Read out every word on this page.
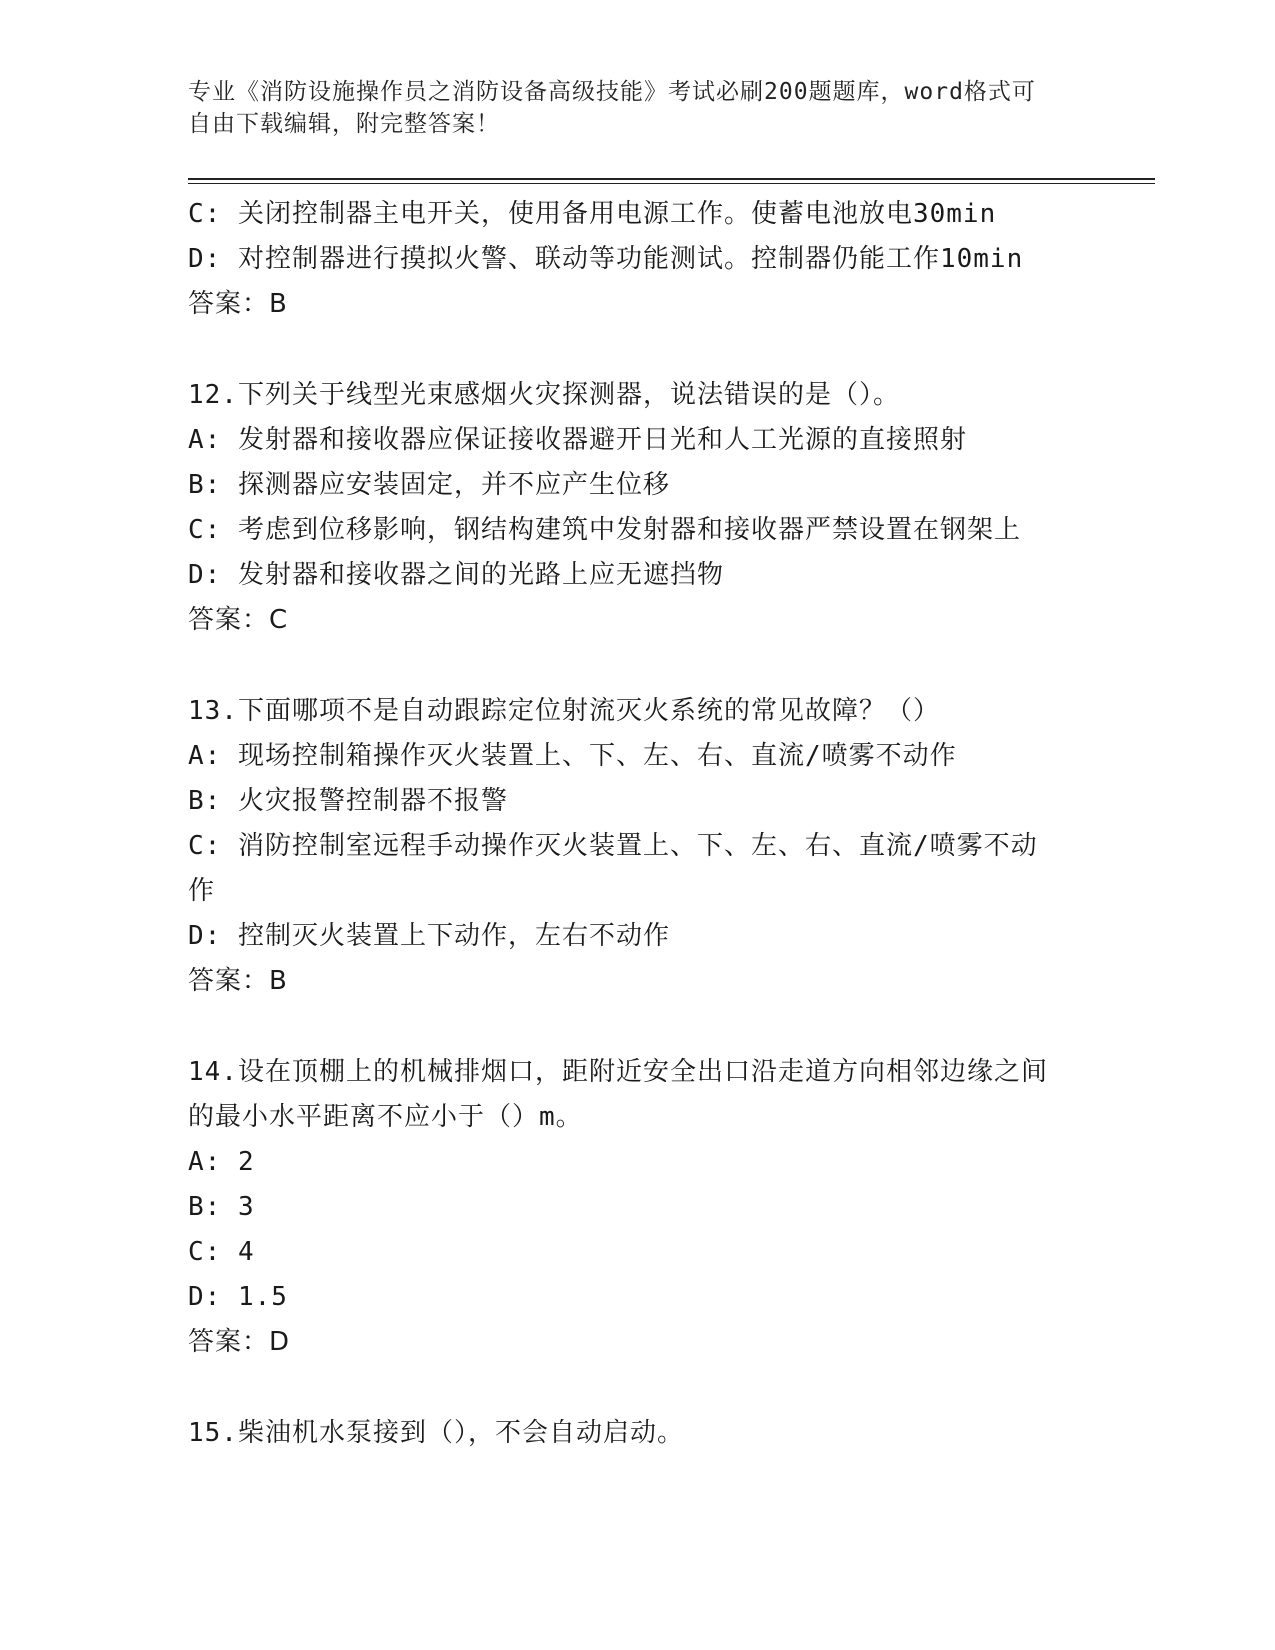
专业《消防设施操作员之消防设备高级技能》考试必刷200题题库，word格式可
自由下载编辑，附完整答案！
C: 关闭控制器主电开关，使用备用电源工作。使蓄电池放电30min
D: 对控制器进行摸拟火警、联动等功能测试。控制器仍能工作10min
答案：B
12.下列关于线型光束感烟火灾探测器，说法错误的是（）。
A: 发射器和接收器应保证接收器避开日光和人工光源的直接照射
B: 探测器应安装固定，并不应产生位移
C: 考虑到位移影响，钢结构建筑中发射器和接收器严禁设置在钢架上
D: 发射器和接收器之间的光路上应无遮挡物
答案：C
13.下面哪项不是自动跟踪定位射流灭火系统的常见故障？（）
A: 现场控制箱操作灭火装置上、下、左、右、直流/喷雾不动作
B: 火灾报警控制器不报警
C: 消防控制室远程手动操作灭火装置上、下、左、右、直流/喷雾不动作
D: 控制灭火装置上下动作，左右不动作
答案：B
14.设在顶棚上的机械排烟口，距附近安全出口沿走道方向相邻边缘之间的最小水平距离不应小于（）m。
A: 2
B: 3
C: 4
D: 1.5
答案：D
15.柴油机水泵接到（），不会自动启动。
